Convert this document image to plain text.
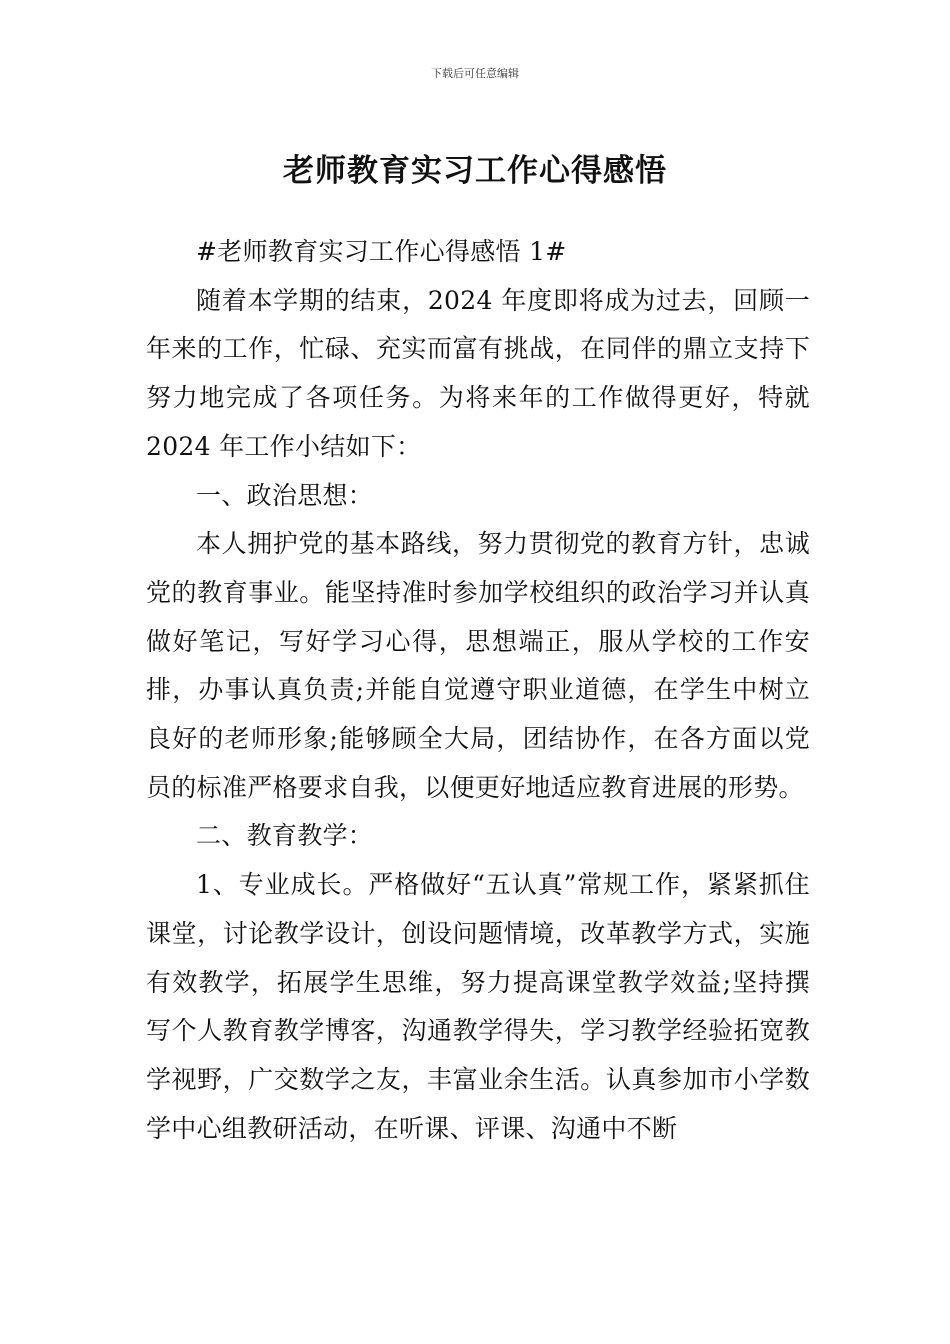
下载后可任意编辑
老师教育实习工作心得感悟

#老师教育实习工作心得感悟 1#

随着本学期的结束，2024 年度即将成为过去，回顾一年来的工作，忙碌、充实而富有挑战，在同伴的鼎立支持下努力地完成了各项任务。为将来年的工作做得更好，特就 2024 年工作小结如下：

一、政治思想：

本人拥护党的基本路线，努力贯彻党的教育方针，忠诚党的教育事业。能坚持准时参加学校组织的政治学习并认真做好笔记，写好学习心得，思想端正，服从学校的工作安排，办事认真负责;并能自觉遵守职业道德，在学生中树立良好的老师形象;能够顾全大局，团结协作，在各方面以党员的标准严格要求自我，以便更好地适应教育进展的形势。

二、教育教学：

1、专业成长。严格做好“五认真”常规工作，紧紧抓住课堂，讨论教学设计，创设问题情境，改革教学方式，实施有效教学，拓展学生思维，努力提高课堂教学效益;坚持撰写个人教育教学博客，沟通教学得失，学习教学经验拓宽教学视野，广交数学之友，丰富业余生活。认真参加市小学数学中心组教研活动，在听课、评课、沟通中不断
